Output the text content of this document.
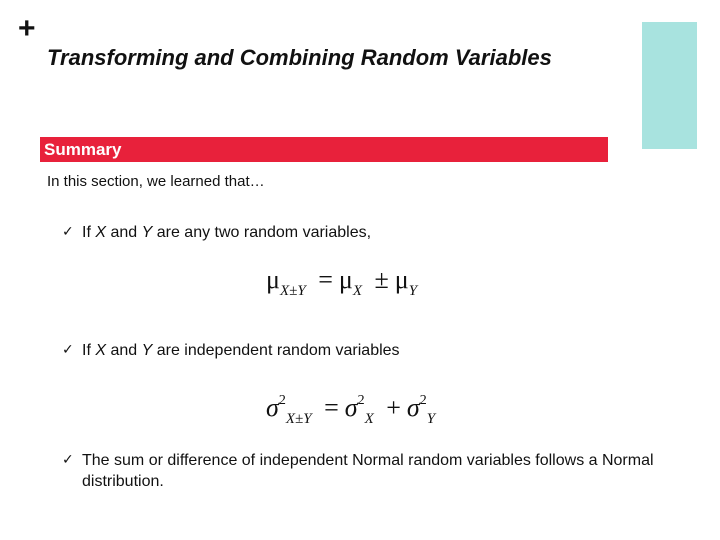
+
Transforming and Combining Random Variables
Summary
In this section, we learned that…
✓ If X and Y are any two random variables,
$\mu_{X\pm Y} = \mu_X \pm \mu_Y$
✓ If X and Y are independent random variables
$\sigma^2_{X\pm Y} = \sigma^2_X + \sigma^2_Y$
✓ The sum or difference of independent Normal random variables follows a Normal distribution.
